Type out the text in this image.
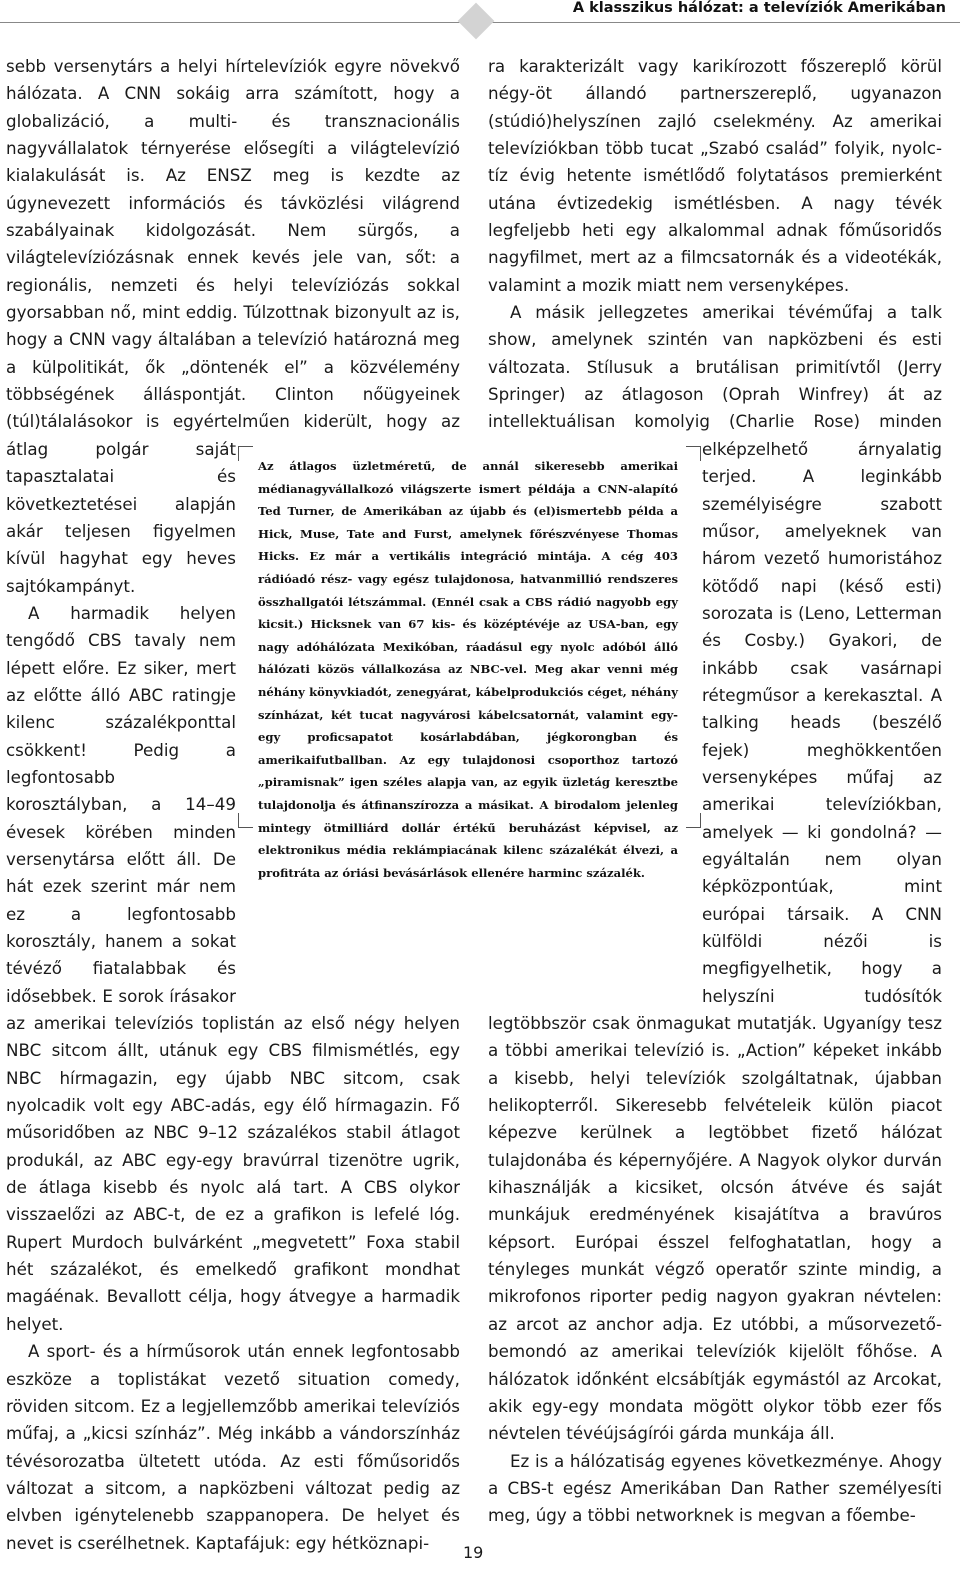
A klasszikus hálózat: a televíziók Amerikában

sebb versenytárs a helyi hírtelevíziók egyre növekvő hálózata. A CNN sokáig arra számított, hogy a globalizáció, a multi- és transznacionális nagyvállalatok térnyerése elősegíti a világtelevízió kialakulását is. Az ENSZ meg is kezdte az úgynevezett információs és távközlési világrend szabályainak kidolgozását. Nem sürgős, a világtelevíziózásnak ennek kevés jele van, sőt: a regionális, nemzeti és helyi televíziózás sokkal gyorsabban nő, mint eddig. Túlzottnak bizonyult az is, hogy a CNN vagy általában a televízió határozná meg a külpolitikát, ők „döntenék el” a közvélemény többségének álláspontját. Clinton nőügyeinek (túl)tálalásokor is egyértelműen kiderült, hogy az átlag polgár saját tapasztalatai és következtetései alapján akár teljesen figyelmen kívül hagyhat egy heves sajtókampányt.

A harmadik helyen tengődő CBS tavaly nem lépett előre. Ez siker, mert az előtte álló ABC ratingje kilenc százalékponttal csökkent! Pedig a legfontosabb korosztályban, a 14–49 évesek körében minden versenytársa előtt áll. De hát ezek szerint már nem ez a legfontosabb korosztály, hanem a sokat tévéző fiatalabbak és idősebbek. E sorok írásakor az amerikai televíziós toplistán az első négy helyen NBC sitcom állt, utánuk egy CBS filmismétlés, egy NBC hírmagazin, egy újabb NBC sitcom, csak nyolcadik volt egy ABC-adás, egy élő hírmagazin. Fő műsoridőben az NBC 9–12 százalékos stabil átlagot produkál, az ABC egy-egy bravúrral tizenötre ugrik, de átlaga kisebb és nyolc alá tart. A CBS olykor visszaelőzi az ABC-t, de ez a grafikon is lefelé lóg. Rupert Murdoch bulvárként „megvetett” Foxa stabil hét százalékot, és emelkedő grafikont mondhat magáénak. Bevallott célja, hogy átvegye a harmadik helyet.

A sport- és a hírműsorok után ennek legfontosabb eszköze a toplistákat vezető situation comedy, röviden sitcom. Ez a legjellemzőbb amerikai televíziós műfaj, a „kicsi színház”. Még inkább a vándorszínház tévésorozatba ültetett utóda. Az esti főműsoridős változat a sitcom, a napközbeni változat pedig az elvben igénytelenebb szappanopera. De helyet és nevet is cserélhetnek. Kaptafájuk: egy hétköznapi-

ra karakterizált vagy karikírozott főszereplő körül négy-öt állandó partnerszereplő, ugyanazon (stúdió)helyszínen zajló cselekmény. Az amerikai televíziókban több tucat „Szabó család” folyik, nyolc-tíz évig hetente ismétlődő folytatásos premierként utána évtizedekig ismétlésben. A nagy tévék legfeljebb heti egy alkalommal adnak főműsoridős nagyfilmet, mert az a filmcsatornák és a videotékák, valamint a mozik miatt nem versenyképes.

A másik jellegzetes amerikai tévéműfaj a talk show, amelynek szintén van napközbeni és esti változata. Stílusuk a brutálisan primitívtől (Jerry Springer) az átlagoson (Oprah Winfrey) át az intellektuálisan komolyig (Charlie Rose) minden elképzelhető árnyalatig terjed. A leginkább személyiségre szabott műsor, amelyeknek van három vezető humoristához kötődő napi (késő esti) sorozata is (Leno, Letterman és Cosby.) Gyakori, de inkább csak vasárnapi rétegműsor a kerekasztal. A talking heads (beszélő fejek) meghökkentően versenyképes műfaj az amerikai televíziókban, amelyek — ki gondolná? — egyáltalán nem olyan képközpontúak, mint európai társaik. A CNN külföldi nézői is megfigyelhetik, hogy a helyszíni tudósítók legtöbbször csak önmagukat mutatják. Ugyanígy tesz a többi amerikai televízió is. „Action” képeket inkább a kisebb, helyi televíziók szolgáltatnak, újabban helikopterről. Sikeresebb felvételeik külön piacot képezve kerülnek a legtöbbet fizető hálózat tulajdonába és képernyőjére. A Nagyok olykor durván kihasználják a kicsiket, olcsón átvéve és saját munkájuk eredményének kisajátítva a bravúros képsort. Európai ésszel felfoghatatlan, hogy a tényleges munkát végző operatőr szinte mindig, a mikrofonos riporter pedig nagyon gyakran névtelen: az arcot az anchor adja. Ez utóbbi, a műsorvezető-bemondó az amerikai televíziók kijelölt főhőse. A hálózatok időnként elcsábítják egymástól az Arcokat, akik egy-egy mondata mögött olykor több ezer fős névtelen tévéújságírói gárda munkája áll.

Ez is a hálózatiság egyenes következménye. Ahogy a CBS-t egész Amerikában Dan Rather személyesíti meg, úgy a többi networknek is megvan a főembe-

Az átlagos üzletméretű, de annál sikeresebb amerikai médianagyvállalkozó világszerte ismert példája a CNN-alapító Ted Turner, de Amerikában az újabb és (el)ismertebb példa a Hick, Muse, Tate and Furst, amelynek főrészvényese Thomas Hicks. Ez már a vertikális integráció mintája. A cég 403 rádióadó rész- vagy egész tulajdonosa, hatvanmillió rendszeres összhallgatói létszámmal. (Ennél csak a CBS rádió nagyobb egy kicsit.) Hicksnek van 67 kis- és középtévéje az USA-ban, egy nagy adóhálózata Mexikóban, ráadásul egy nyolc adóból álló hálózati közös vállalkozása az NBC-vel. Meg akar venni még néhány könyvkiadót, zenegyárat, kábelprodukciós céget, néhány színházat, két tucat nagyvárosi kábelcsatornát, valamint egy-egy proficsapatot kosárlabdában, jégkorongban és amerikaifutballban. Az egy tulajdonosi csoporthoz tartozó „piramisnak” igen széles alapja van, az egyik üzletág keresztbe tulajdonolja és átfinanszírozza a másikat. A birodalom jelenleg mintegy ötmilliárd dollár értékű beruházást képvisel, az elektronikus média reklámpiacának kilenc százalékát élvezi, a profitráta az óriási bevásárlások ellenére harminc százalék.
19
